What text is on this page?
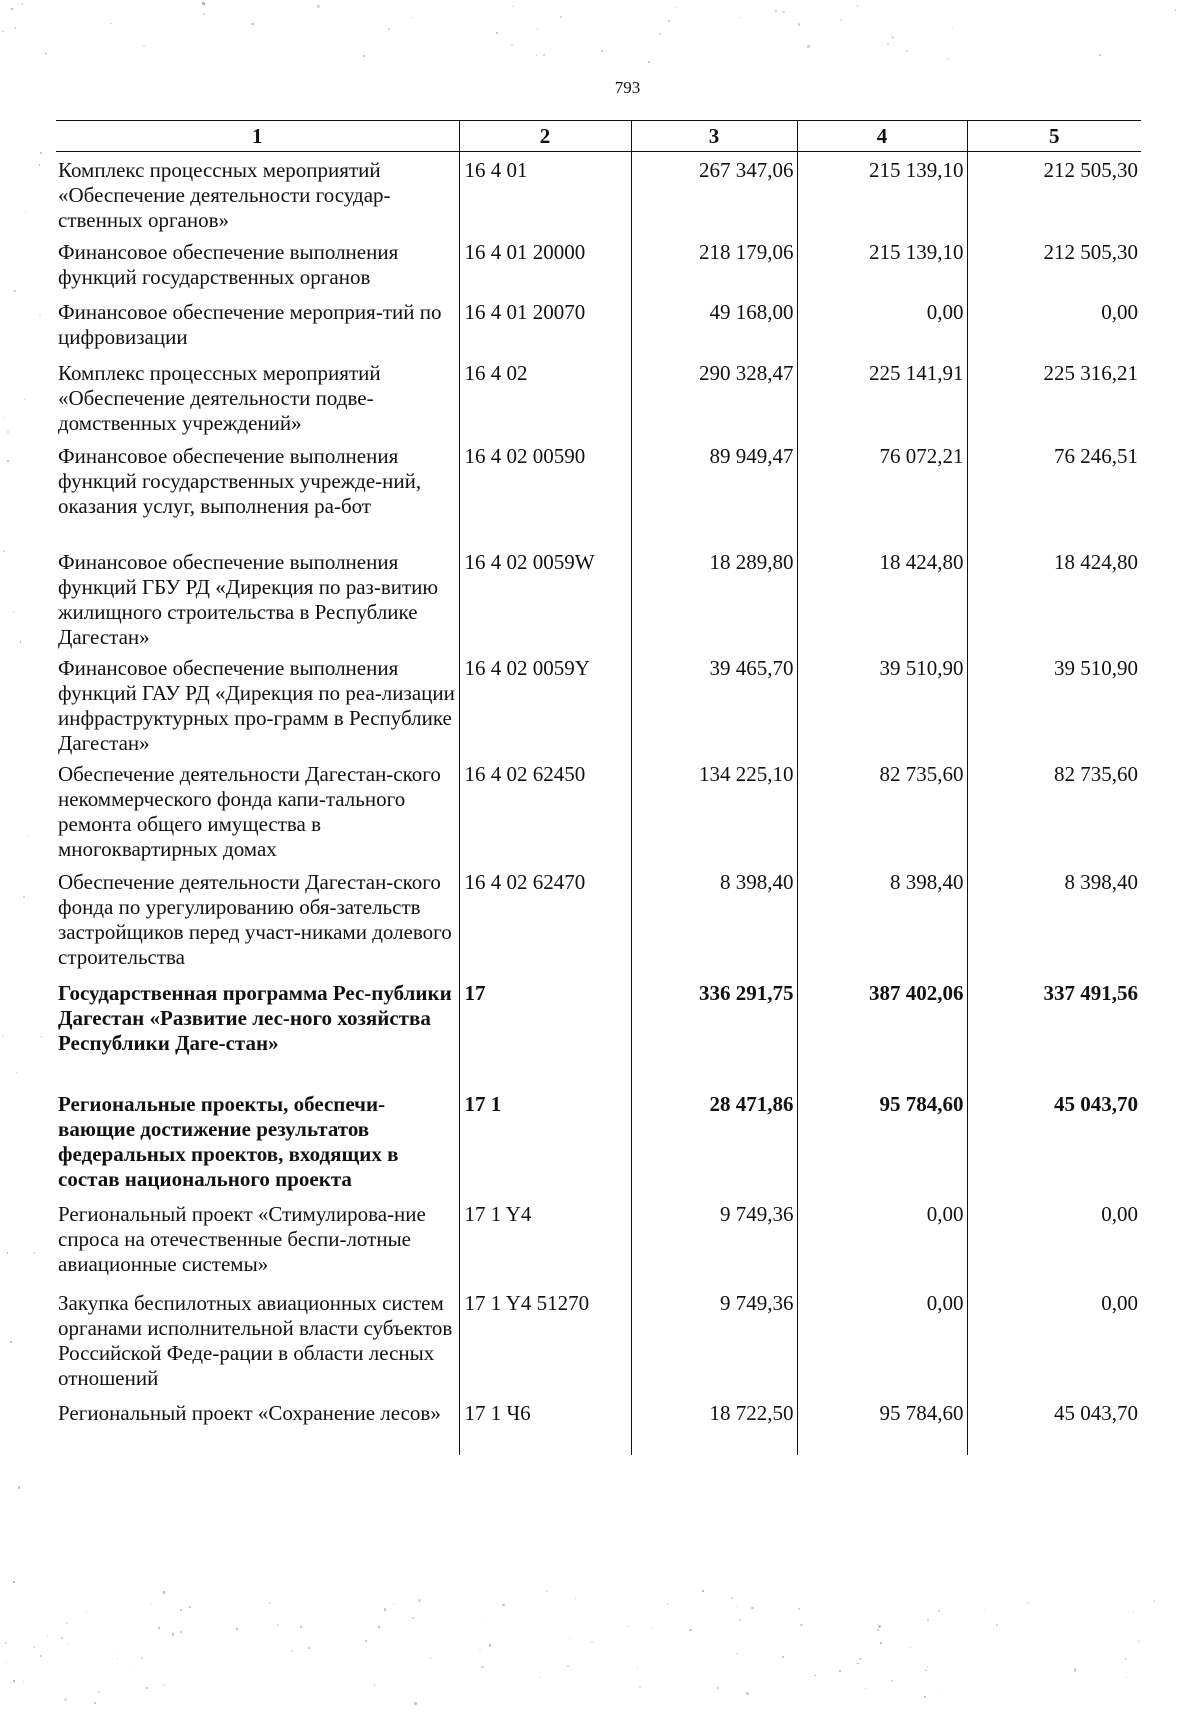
793
1	2	3	4	5
Комплекс процессных мероприятий «Обеспечение деятельности государ-ственных органов»	16 4 01	267 347,06	215 139,10	212 505,30
Финансовое обеспечение выполнения функций государственных органов	16 4 01 20000	218 179,06	215 139,10	212 505,30
Финансовое обеспечение мероприя-тий по цифровизации	16 4 01 20070	49 168,00	0,00	0,00
Комплекс процессных мероприятий «Обеспечение деятельности подве-домственных учреждений»	16 4 02	290 328,47	225 141,91	225 316,21
Финансовое обеспечение выполнения функций государственных учрежде-ний, оказания услуг, выполнения ра-бот	16 4 02 00590	89 949,47	76 072,21	76 246,51
Финансовое обеспечение выполнения функций ГБУ РД «Дирекция по раз-витию жилищного строительства в Республике Дагестан»	16 4 02 0059W	18 289,80	18 424,80	18 424,80
Финансовое обеспечение выполнения функций ГАУ РД «Дирекция по реа-лизации инфраструктурных про-грамм в Республике Дагестан»	16 4 02 0059Y	39 465,70	39 510,90	39 510,90
Обеспечение деятельности Дагестан-ского некоммерческого фонда капи-тального ремонта общего имущества в многоквартирных домах	16 4 02 62450	134 225,10	82 735,60	82 735,60
Обеспечение деятельности Дагестан-ского фонда по урегулированию обя-зательств застройщиков перед участ-никами долевого строительства	16 4 02 62470	8 398,40	8 398,40	8 398,40
Государственная программа Рес-публики Дагестан «Развитие лес-ного хозяйства Республики Даге-стан»	17	336 291,75	387 402,06	337 491,56
Региональные проекты, обеспечи-вающие достижение результатов федеральных проектов, входящих в состав национального проекта	17 1	28 471,86	95 784,60	45 043,70
Региональный проект «Стимулирова-ние спроса на отечественные беспи-лотные авиационные системы»	17 1 Y4	9 749,36	0,00	0,00
Закупка беспилотных авиационных систем органами исполнительной власти субъектов Российской Феде-рации в области лесных отношений	17 1 Y4 51270	9 749,36	0,00	0,00
Региональный проект «Сохранение лесов»	17 1 Ч6	18 722,50	95 784,60	45 043,70
